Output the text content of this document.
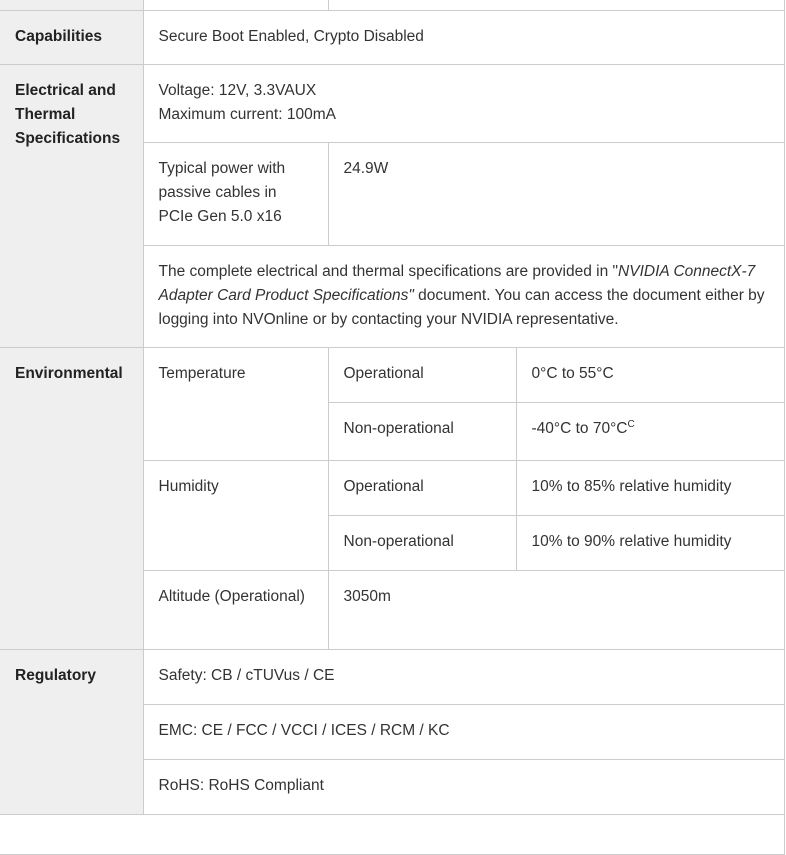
Capabilities	Secure Boot Enabled, Crypto Disabled		
Electrical and Thermal Specifications	Voltage: 12V, 3.3VAUX
Maximum current: 100mA		

	Typical power with passive cables in PCIe Gen 5.0 x16	24.9W	
	The complete electrical and thermal specifications are provided in "NVIDIA ConnectX-7 Adapter Card Product Specifications" document. You can access the document either by logging into NVOnline or by contacting your NVIDIA representative.		
Environmental	Temperature	Operational	0°C to 55°C
		Non-operational	-40°C to $70^\circ C^C$
	Humidity	Operational	10% to 85% relative humidity
		Non-operational	10% to 90% relative humidity
	Altitude (Operational)	3050m	
Regulatory	Safety: CB / cTUVus / CE		
	EMC: CE / FCC / VCCI / ICES / RCM / KC		
	RoHS: RoHS Compliant		
